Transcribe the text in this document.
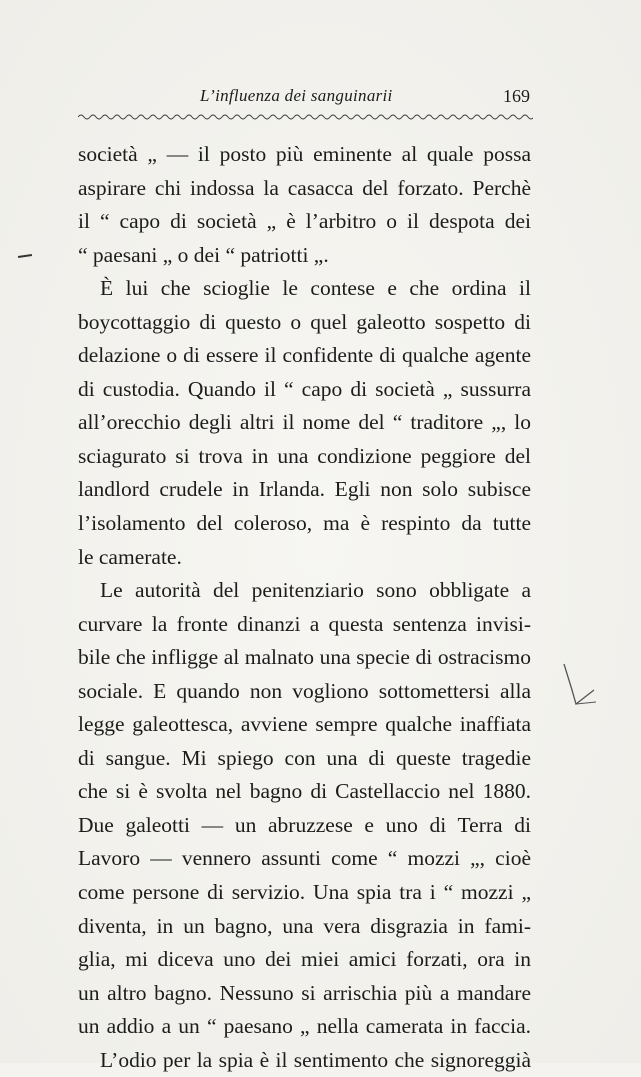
L’influenza dei sanguinarii	169
società „ — il posto più eminente al quale possa
aspirare chi indossa la casacca del forzato. Perchè
il “ capo di società „ è l’arbitro o il despota dei
“ paesani „ o dei “ patriotti „.
È lui che scioglie le contese e che ordina il
boycottaggio di questo o quel galeotto sospetto di
delazione o di essere il confidente di qualche agente
di custodia. Quando il “ capo di società „ sussurra
all’orecchio degli altri il nome del “ traditore „, lo
sciagurato si trova in una condizione peggiore del
landlord crudele in Irlanda. Egli non solo subisce
l’isolamento del coleroso, ma è respinto da tutte
le camerate.
Le autorità del penitenziario sono obbligate a
curvare la fronte dinanzi a questa sentenza invisi-
bile che infligge al malnato una specie di ostracismo
sociale. E quando non vogliono sottomettersi alla
legge galeottesca, avviene sempre qualche inaffiata
di sangue. Mi spiego con una di queste tragedie
che si è svolta nel bagno di Castellaccio nel 1880.
Due galeotti — un abruzzese e uno di Terra di
Lavoro — vennero assunti come “ mozzi „, cioè
come persone di servizio. Una spia tra i “ mozzi „
diventa, in un bagno, una vera disgrazia in fami-
glia, mi diceva uno dei miei amici forzati, ora in
un altro bagno. Nessuno si arrischia più a mandare
un addio a un “ paesano „ nella camerata in faccia.
L’odio per la spia è il sentimento che signoreggià
